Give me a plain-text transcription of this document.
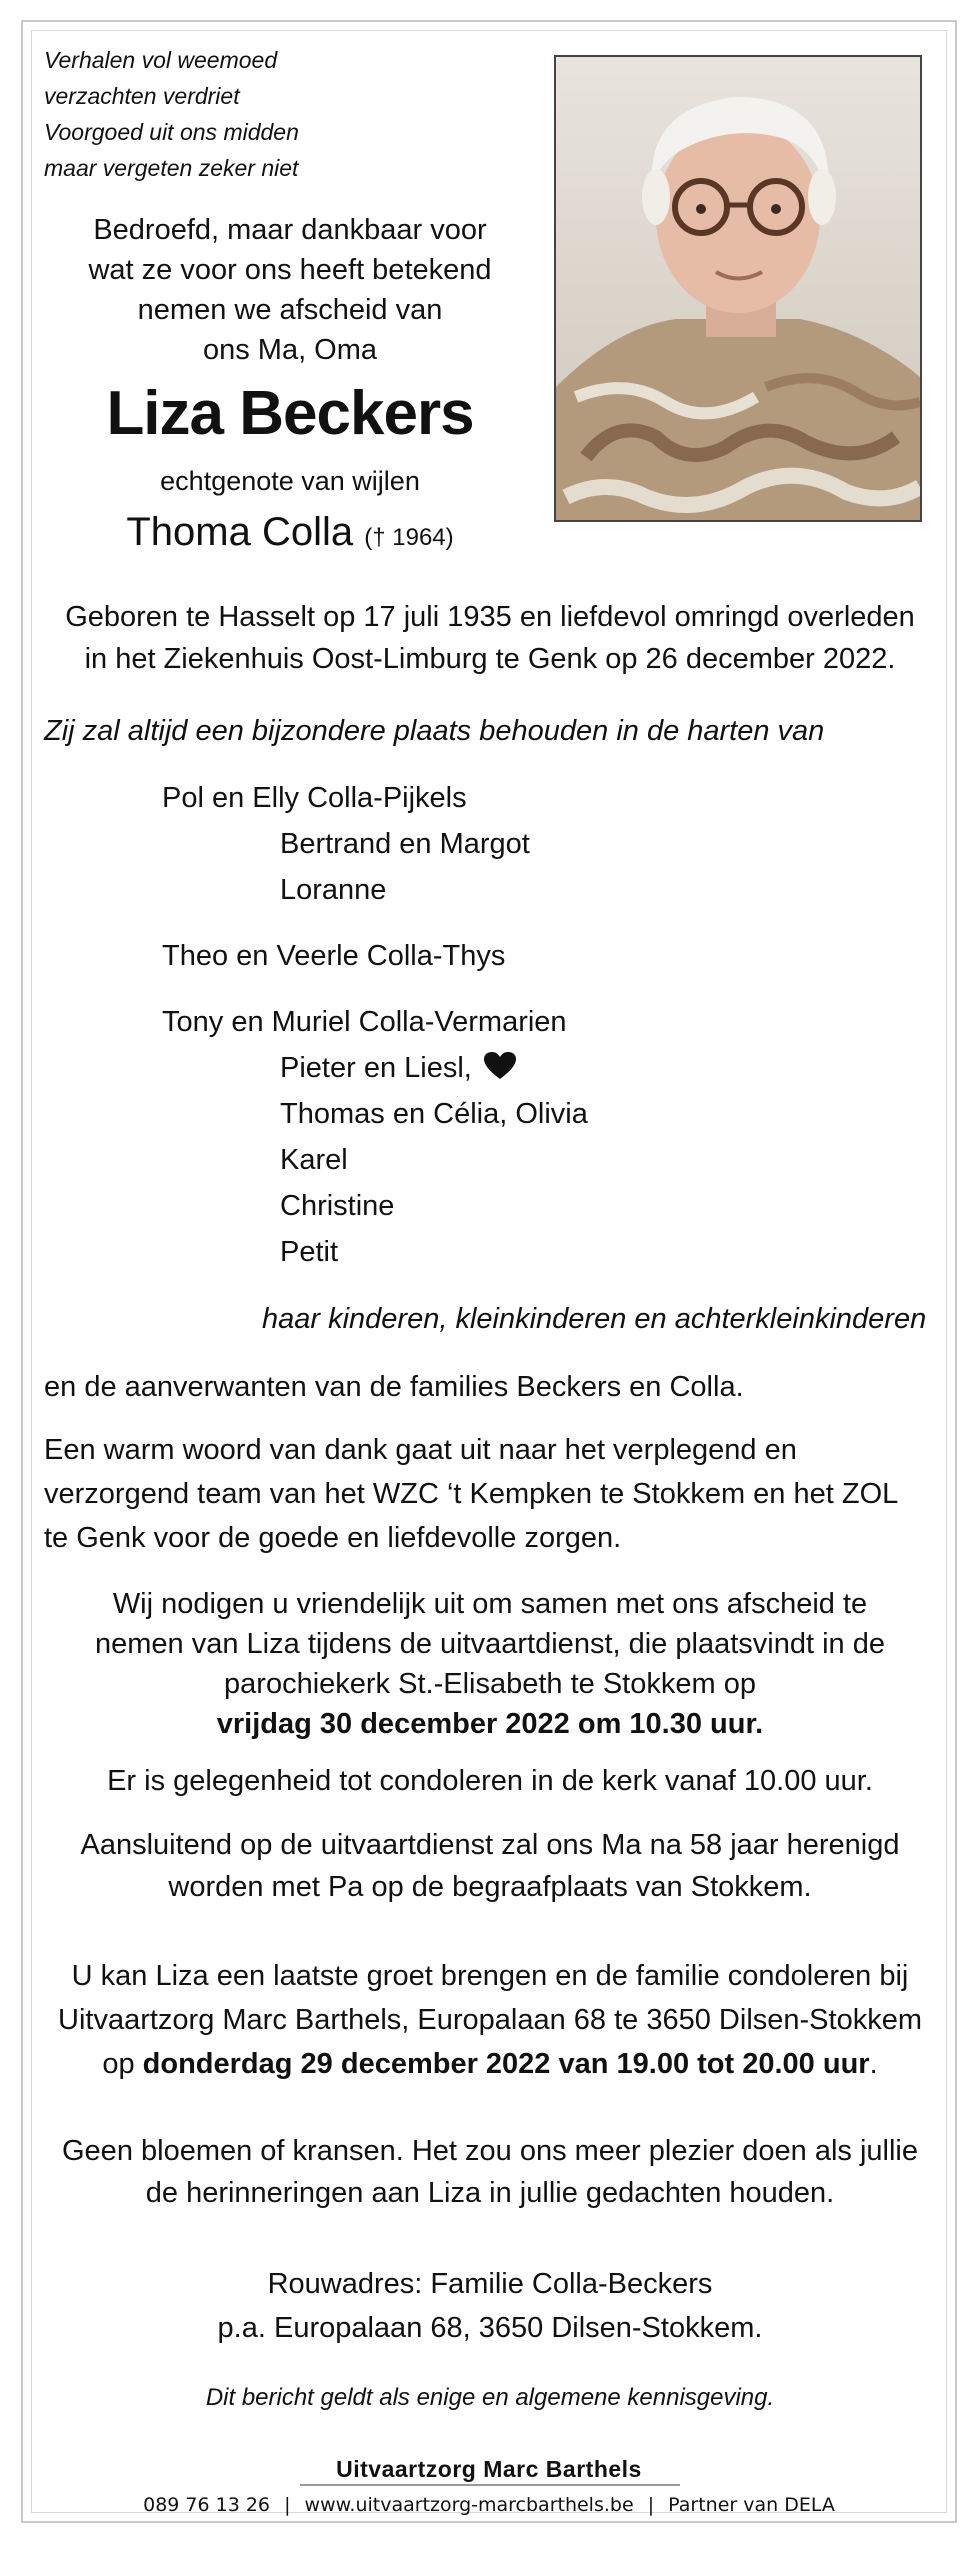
Verhalen vol weemoed
verzachten verdriet
Voorgoed uit ons midden
maar vergeten zeker niet
Bedroefd, maar dankbaar voor
wat ze voor ons heeft betekend
nemen we afscheid van
ons Ma, Oma
Liza Beckers
echtgenote van wijlen
Thoma Colla († 1964)
Geboren te Hasselt op 17 juli 1935 en liefdevol omringd overleden
in het Ziekenhuis Oost-Limburg te Genk op 26 december 2022.
Zij zal altijd een bijzondere plaats behouden in de harten van
Pol en Elly Colla-Pijkels
Bertrand en Margot
Loranne
Theo en Veerle Colla-Thys
Tony en Muriel Colla-Vermarien
Pieter en Liesl,
Thomas en Célia, Olivia
Karel
Christine
Petit
haar kinderen, kleinkinderen en achterkleinkinderen
en de aanverwanten van de families Beckers en Colla.
Een warm woord van dank gaat uit naar het verplegend en
verzorgend team van het WZC ‘t Kempken te Stokkem en het ZOL
te Genk voor de goede en liefdevolle zorgen.
Wij nodigen u vriendelijk uit om samen met ons afscheid te
nemen van Liza tijdens de uitvaartdienst, die plaatsvindt in de
parochiekerk St.-Elisabeth te Stokkem op
vrijdag 30 december 2022 om 10.30 uur.
Er is gelegenheid tot condoleren in de kerk vanaf 10.00 uur.
Aansluitend op de uitvaartdienst zal ons Ma na 58 jaar herenigd
worden met Pa op de begraafplaats van Stokkem.
U kan Liza een laatste groet brengen en de familie condoleren bij
Uitvaartzorg Marc Barthels, Europalaan 68 te 3650 Dilsen-Stokkem
op donderdag 29 december 2022 van 19.00 tot 20.00 uur.
Geen bloemen of kransen. Het zou ons meer plezier doen als jullie
de herinneringen aan Liza in jullie gedachten houden.
Rouwadres: Familie Colla-Beckers
p.a. Europalaan 68, 3650 Dilsen-Stokkem.
Dit bericht geldt als enige en algemene kennisgeving.
Uitvaartzorg Marc Barthels
089 76 13 26 | www.uitvaartzorg-marcbarthels.be | Partner van DELA
